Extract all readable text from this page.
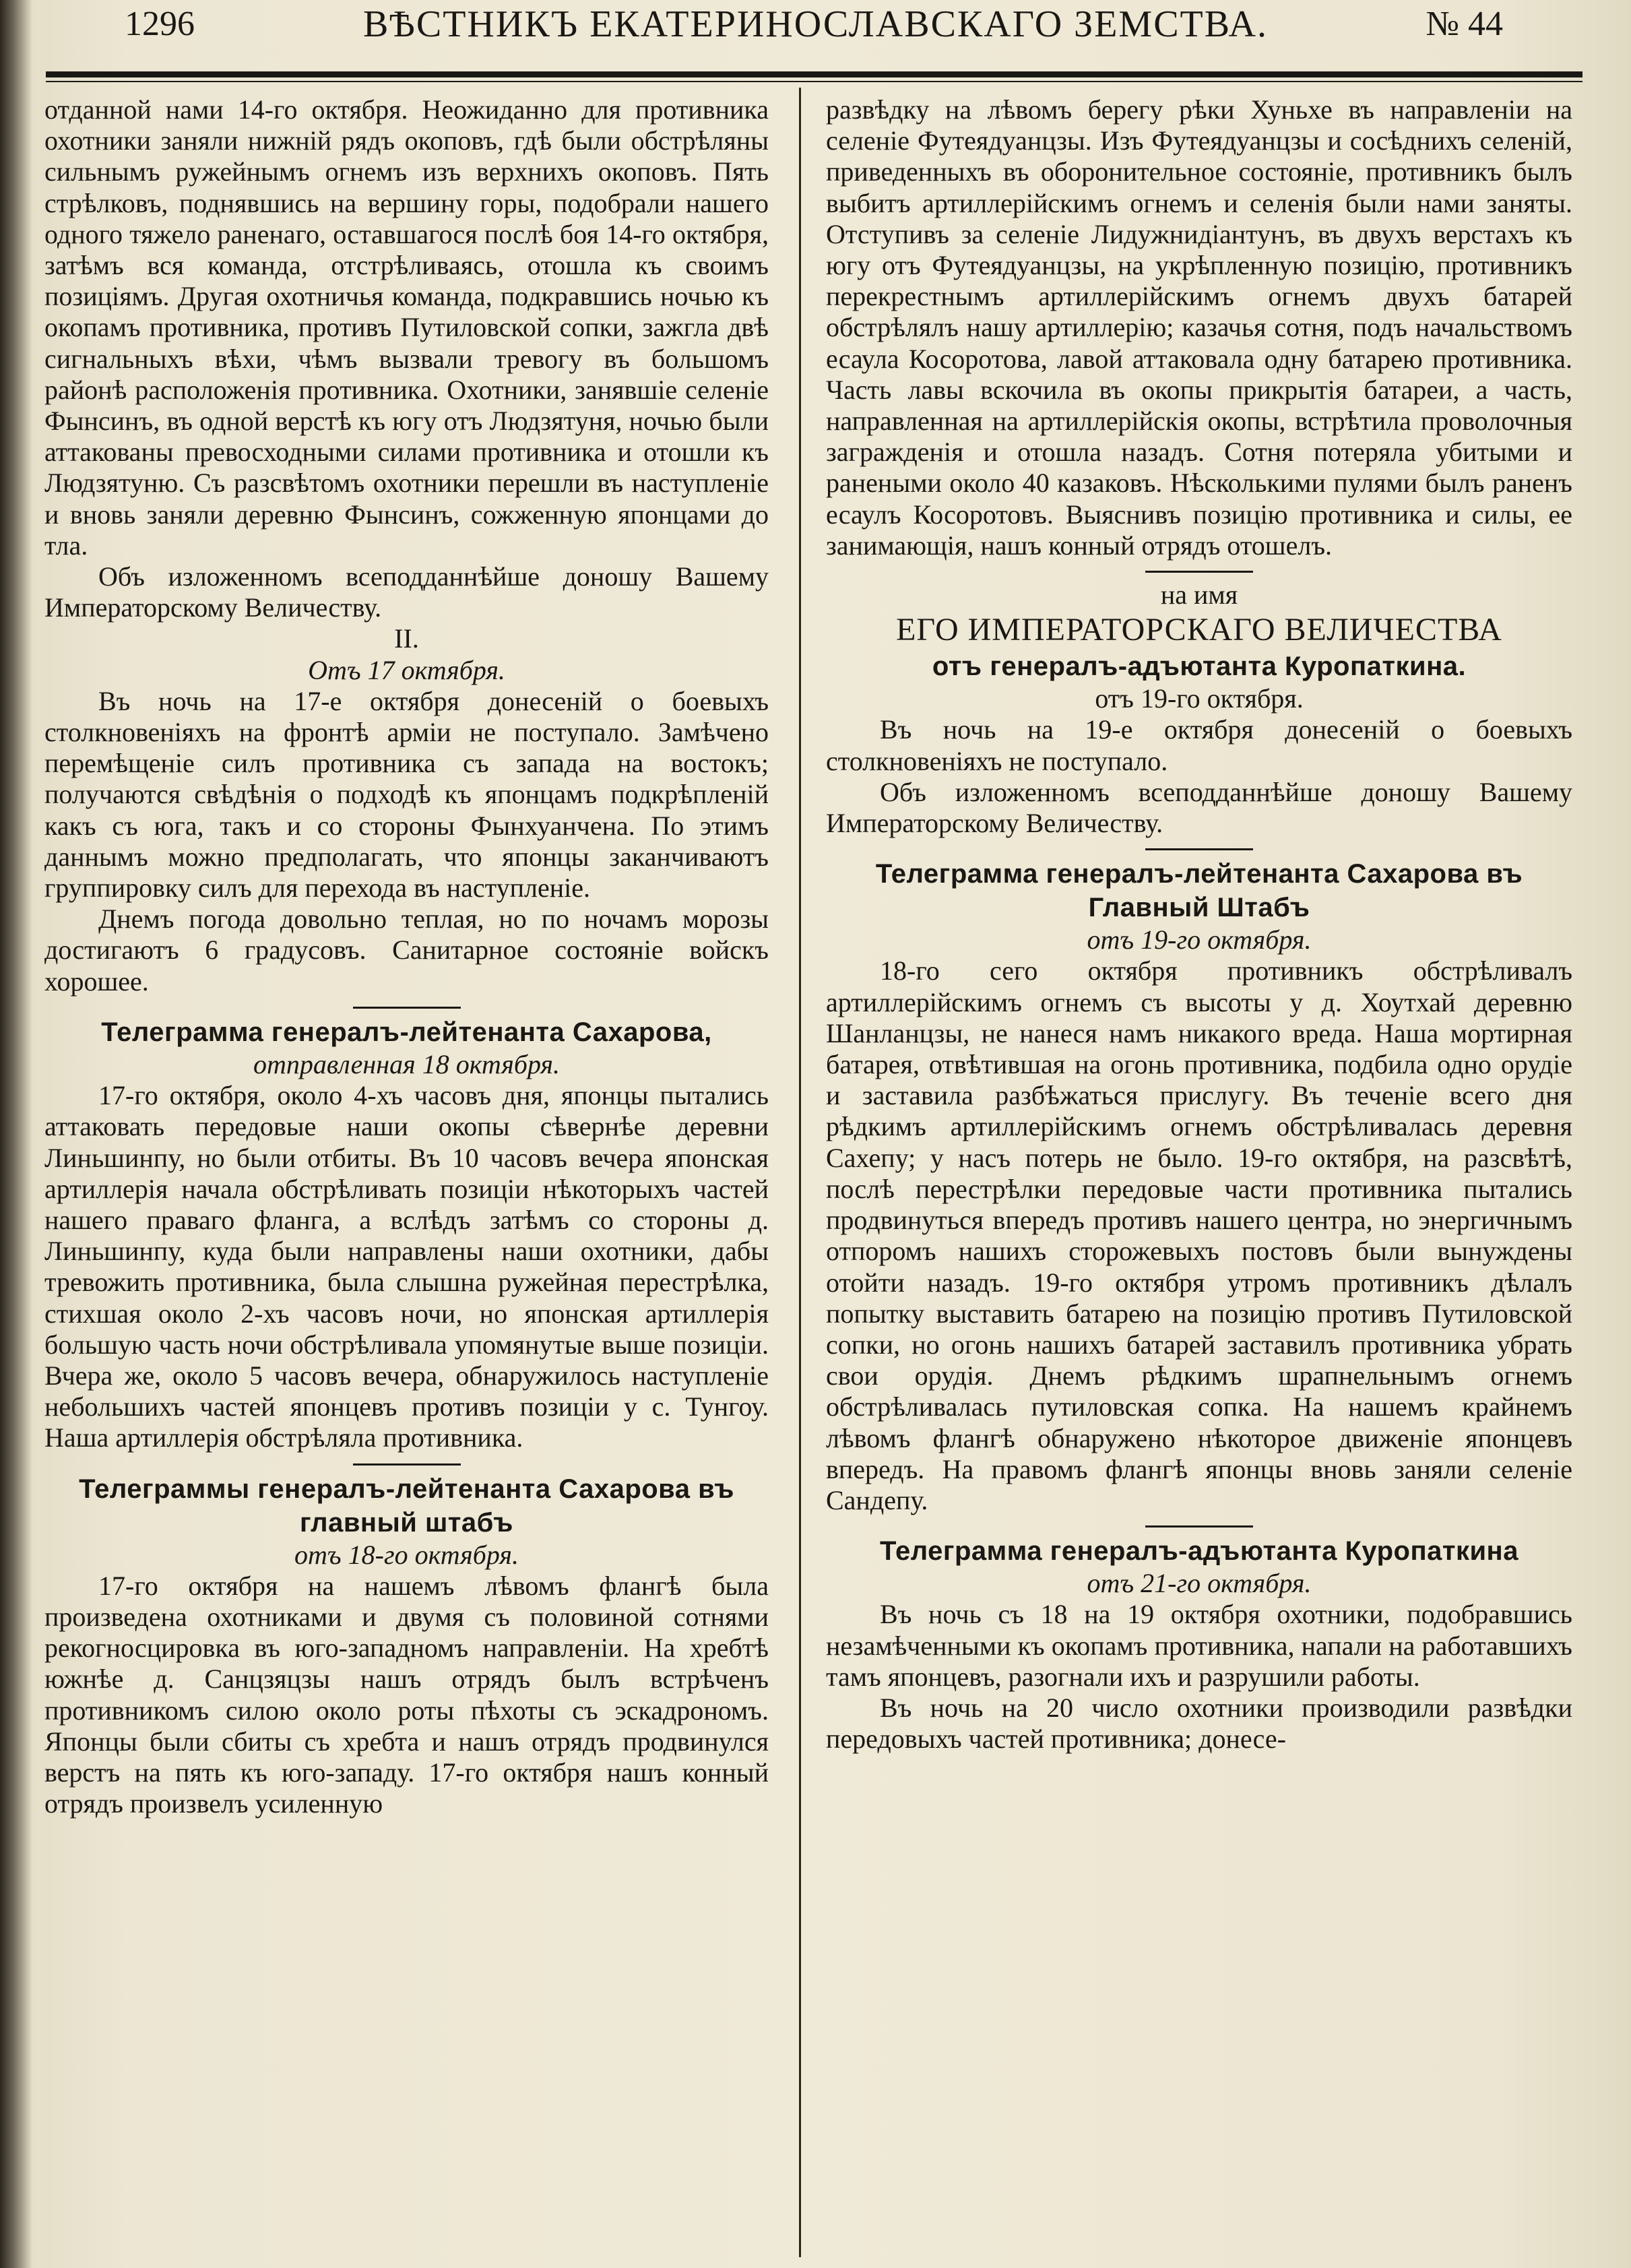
1296	ВѢСТНИКЪ ЕКАТЕРИНОСЛАВСКАГО ЗЕМСТВА.	№ 44

отданной нами 14-го октября. Неожиданно для противника охотники заняли нижній рядъ окоповъ, гдѣ были обстрѣляны сильнымъ ружейнымъ огнемъ изъ верхнихъ окоповъ. Пять стрѣлковъ, поднявшись на вершину горы, подобрали нашего одного тяжело раненаго, оставшагося послѣ боя 14-го октября, затѣмъ вся команда, отстрѣливаясь, отошла къ своимъ позиціямъ. Другая охотничья команда, подкравшись ночью къ окопамъ противника, противъ Путиловской сопки, зажгла двѣ сигнальныхъ вѣхи, чѣмъ вызвали тревогу въ большомъ районѣ расположенія противника. Охотники, занявшіе селеніе Фынсинъ, въ одной верстѣ къ югу отъ Людзятуня, ночью были аттакованы превосходными силами противника и отошли къ Людзятуню. Съ разсвѣтомъ охотники перешли въ наступленіе и вновь заняли деревню Фынсинъ, сожженную японцами до тла.

Объ изложенномъ всеподданнѣйше доношу Вашему Императорскому Величеству.

II.
Отъ 17 октября.

Въ ночь на 17-е октября донесеній о боевыхъ столкновеніяхъ на фронтѣ арміи не поступало. Замѣчено перемѣщеніе силъ противника съ запада на востокъ; получаются свѣдѣнія о подходѣ къ японцамъ подкрѣпленій какъ съ юга, такъ и со стороны Фынхуанчена. По этимъ даннымъ можно предполагать, что японцы заканчиваютъ группировку силъ для перехода въ наступленіе.

Днемъ погода довольно теплая, но по ночамъ морозы достигаютъ 6 градусовъ. Санитарное состояніе войскъ хорошее.

Телеграмма генералъ-лейтенанта Сахарова,
отправленная 18 октября.

17-го октября, около 4-хъ часовъ дня, японцы пытались аттаковать передовые наши окопы сѣвернѣе деревни Линьшинпу, но были отбиты. Въ 10 часовъ вечера японская артиллерія начала обстрѣливать позиціи нѣкоторыхъ частей нашего праваго фланга, а вслѣдъ затѣмъ со стороны д. Линьшинпу, куда были направлены наши охотники, дабы тревожить противника, была слышна ружейная перестрѣлка, стихшая около 2-хъ часовъ ночи, но японская артиллерія большую часть ночи обстрѣливала упомянутые выше позиціи. Вчера же, около 5 часовъ вечера, обнаружилось наступленіе небольшихъ частей японцевъ противъ позиціи у с. Тунгоу. Наша артиллерія обстрѣляла противника.

Телеграммы генералъ-лейтенанта Сахарова въ главный штабъ
отъ 18-го октября.

17-го октября на нашемъ лѣвомъ флангѣ была произведена охотниками и двумя съ половиной сотнями рекогносцировка въ юго-западномъ направленіи. На хребтѣ южнѣе д. Санцзяцзы нашъ отрядъ былъ встрѣченъ противникомъ силою около роты пѣхоты съ эскадрономъ. Японцы были сбиты съ хребта и нашъ отрядъ продвинулся верстъ на пять къ юго-западу. 17-го октября нашъ конный отрядъ произвелъ усиленную

развѣдку на лѣвомъ берегу рѣки Хуньхе въ направленіи на селеніе Футеядуанцзы. Изъ Футеядуанцзы и сосѣднихъ селеній, приведенныхъ въ оборонительное состояніе, противникъ былъ выбитъ артиллерійскимъ огнемъ и селенія были нами заняты. Отступивъ за селеніе Лидужнидіантунъ, въ двухъ верстахъ къ югу отъ Футеядуанцзы, на укрѣпленную позицію, противникъ перекрестнымъ артиллерійскимъ огнемъ двухъ батарей обстрѣлялъ нашу артиллерію; казачья сотня, подъ начальствомъ есаула Косоротова, лавой аттаковала одну батарею противника. Часть лавы вскочила въ окопы прикрытія батареи, а часть, направленная на артиллерійскія окопы, встрѣтила проволочныя загражденія и отошла назадъ. Сотня потеряла убитыми и ранеными около 40 казаковъ. Нѣсколькими пулями былъ раненъ есаулъ Косоротовъ. Выяснивъ позицію противника и силы, ее занимающія, нашъ конный отрядъ отошелъ.

на имя
ЕГО ИМПЕРАТОРСКАГО ВЕЛИЧЕСТВА
отъ генералъ-адъютанта Куропаткина.
отъ 19-го октября.

Въ ночь на 19-е октября донесеній о боевыхъ столкновеніяхъ не поступало.

Объ изложенномъ всеподданнѣйше доношу Вашему Императорскому Величеству.

Телеграмма генералъ-лейтенанта Сахарова въ Главный Штабъ
отъ 19-го октября.

18-го сего октября противникъ обстрѣливалъ артиллерійскимъ огнемъ съ высоты у д. Хоутхай деревню Шанланцзы, не нанеся намъ никакого вреда. Наша мортирная батарея, отвѣтившая на огонь противника, подбила одно орудіе и заставила разбѣжаться прислугу. Въ теченіе всего дня рѣдкимъ артиллерійскимъ огнемъ обстрѣливалась деревня Сахепу; у насъ потерь не было. 19-го октября, на разсвѣтѣ, послѣ перестрѣлки передовые части противника пытались продвинуться впередъ противъ нашего центра, но энергичнымъ отпоромъ нашихъ сторожевыхъ постовъ были вынуждены отойти назадъ. 19-го октября утромъ противникъ дѣлалъ попытку выставить батарею на позицію противъ Путиловской сопки, но огонь нашихъ батарей заставилъ противника убрать свои орудія. Днемъ рѣдкимъ шрапнельнымъ огнемъ обстрѣливалась путиловская сопка. На нашемъ крайнемъ лѣвомъ флангѣ обнаружено нѣкоторое движеніе японцевъ впередъ. На правомъ флангѣ японцы вновь заняли селеніе Сандепу.

Телеграмма генералъ-адъютанта Куропаткина
отъ 21-го октября.

Въ ночь съ 18 на 19 октября охотники, подобравшись незамѣченными къ окопамъ противника, напали на работавшихъ тамъ японцевъ, разогнали ихъ и разрушили работы.

Въ ночь на 20 число охотники производили развѣдки передовыхъ частей противника; донесе-
